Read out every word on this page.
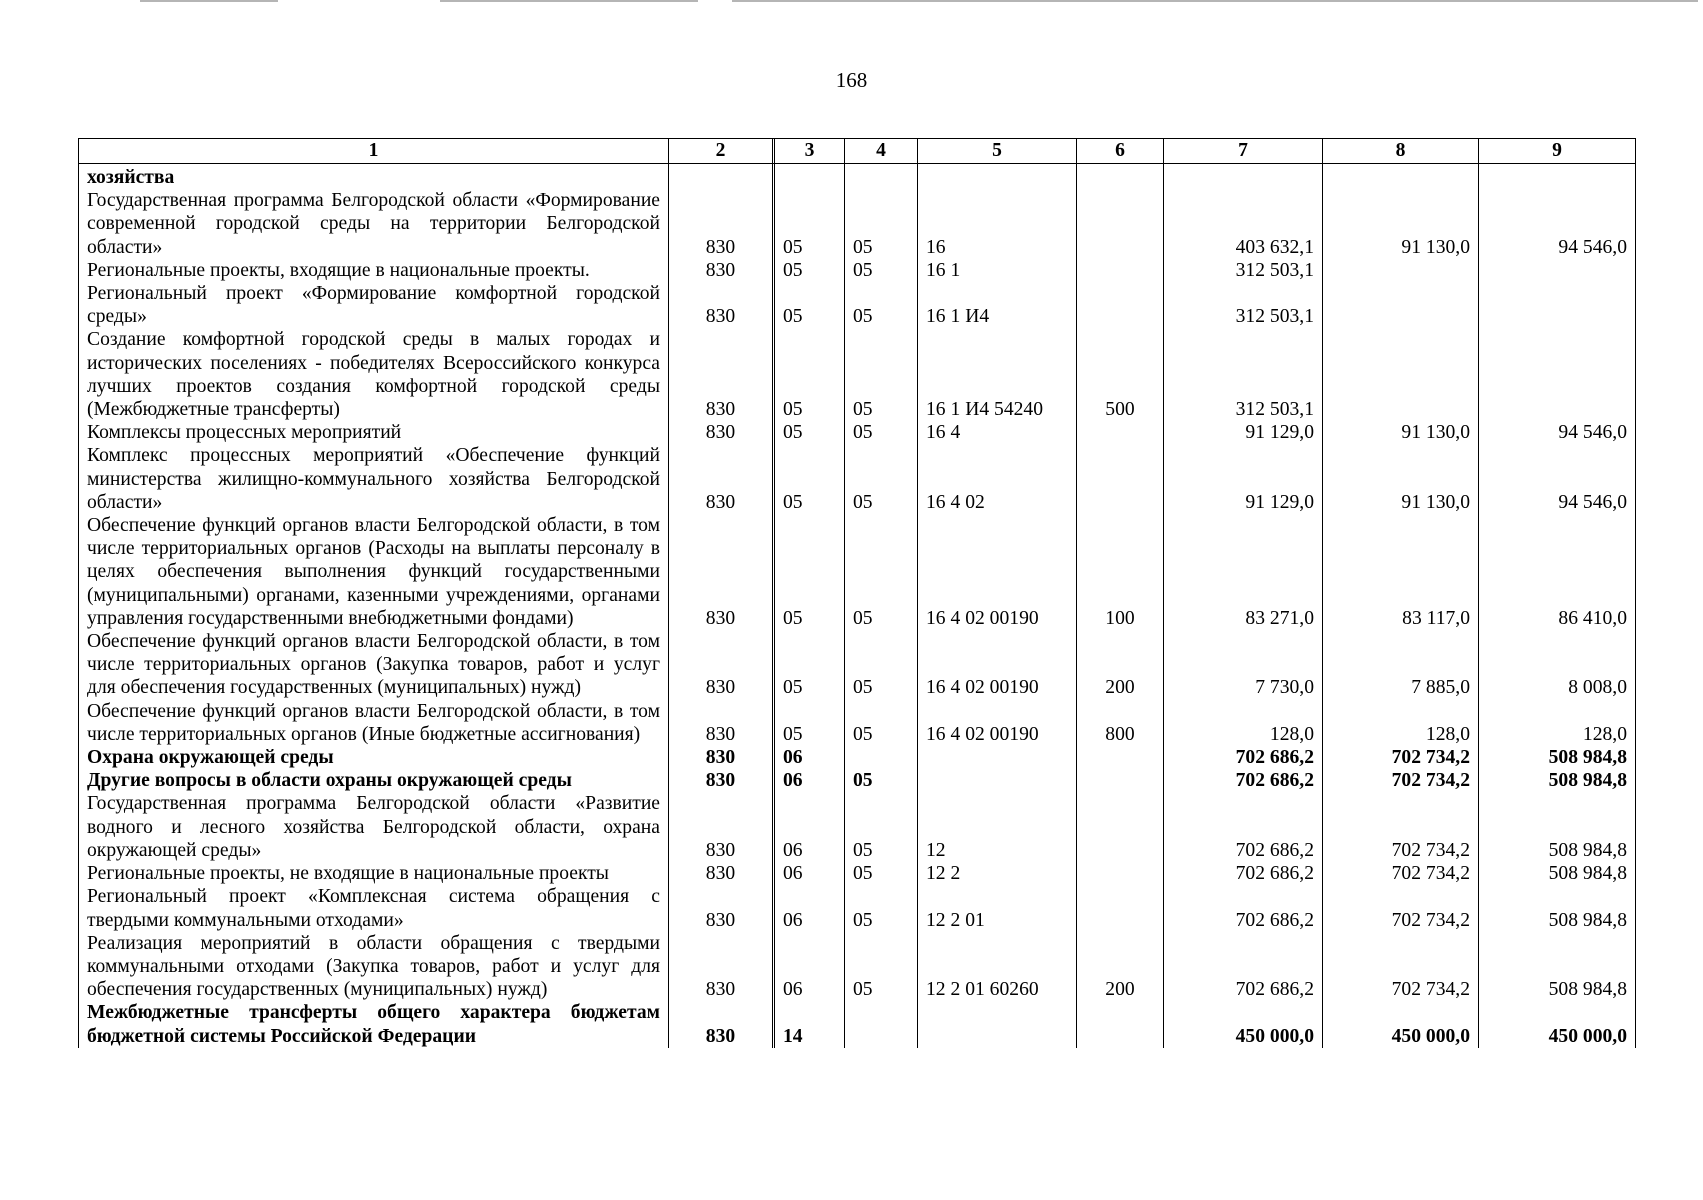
168
1	2		3	4	5	6	7	8	9
хозяйства									
Государственная программа Белгородской области «Формирование современной городской среды на территории Белгородской области»	830		05	05	16		403 632,1	91 130,0	94 546,0
Региональные проекты, входящие в национальные проекты.	830		05	05	16 1		312 503,1		
Региональный проект «Формирование комфортной городской среды»	830		05	05	16 1 И4		312 503,1		
Создание комфортной городской среды в малых городах и исторических поселениях - победителях Всероссийского конкурса лучших проектов создания комфортной городской среды (Межбюджетные трансферты)	830		05	05	16 1 И4 54240	500	312 503,1		
Комплексы процессных мероприятий	830		05	05	16 4		91 129,0	91 130,0	94 546,0
Комплекс процессных мероприятий «Обеспечение функций министерства жилищно-коммунального хозяйства Белгородской области»	830		05	05	16 4 02		91 129,0	91 130,0	94 546,0
Обеспечение функций органов власти Белгородской области, в том числе территориальных органов (Расходы на выплаты персоналу в целях обеспечения выполнения функций государственными (муниципальными) органами, казенными учреждениями, органами управления государственными внебюджетными фондами)	830		05	05	16 4 02 00190	100	83 271,0	83 117,0	86 410,0
Обеспечение функций органов власти Белгородской области, в том числе территориальных органов (Закупка товаров, работ и услуг для обеспечения государственных (муниципальных) нужд)	830		05	05	16 4 02 00190	200	7 730,0	7 885,0	8 008,0
Обеспечение функций органов власти Белгородской области, в том числе территориальных органов (Иные бюджетные ассигнования)	830		05	05	16 4 02 00190	800	128,0	128,0	128,0
Охрана окружающей среды	830		06				702 686,2	702 734,2	508 984,8
Другие вопросы в области охраны окружающей среды	830		06	05			702 686,2	702 734,2	508 984,8
Государственная программа Белгородской области «Развитие водного и лесного хозяйства Белгородской области, охрана окружающей среды»	830		06	05	12		702 686,2	702 734,2	508 984,8
Региональные проекты, не входящие в национальные проекты	830		06	05	12 2		702 686,2	702 734,2	508 984,8
Региональный проект «Комплексная система обращения с твердыми коммунальными отходами»	830		06	05	12 2 01		702 686,2	702 734,2	508 984,8
Реализация мероприятий в области обращения с твердыми коммунальными отходами (Закупка товаров, работ и услуг для обеспечения государственных (муниципальных) нужд)	830		06	05	12 2 01 60260	200	702 686,2	702 734,2	508 984,8
Межбюджетные трансферты общего характера бюджетам бюджетной системы Российской Федерации	830		14				450 000,0	450 000,0	450 000,0
